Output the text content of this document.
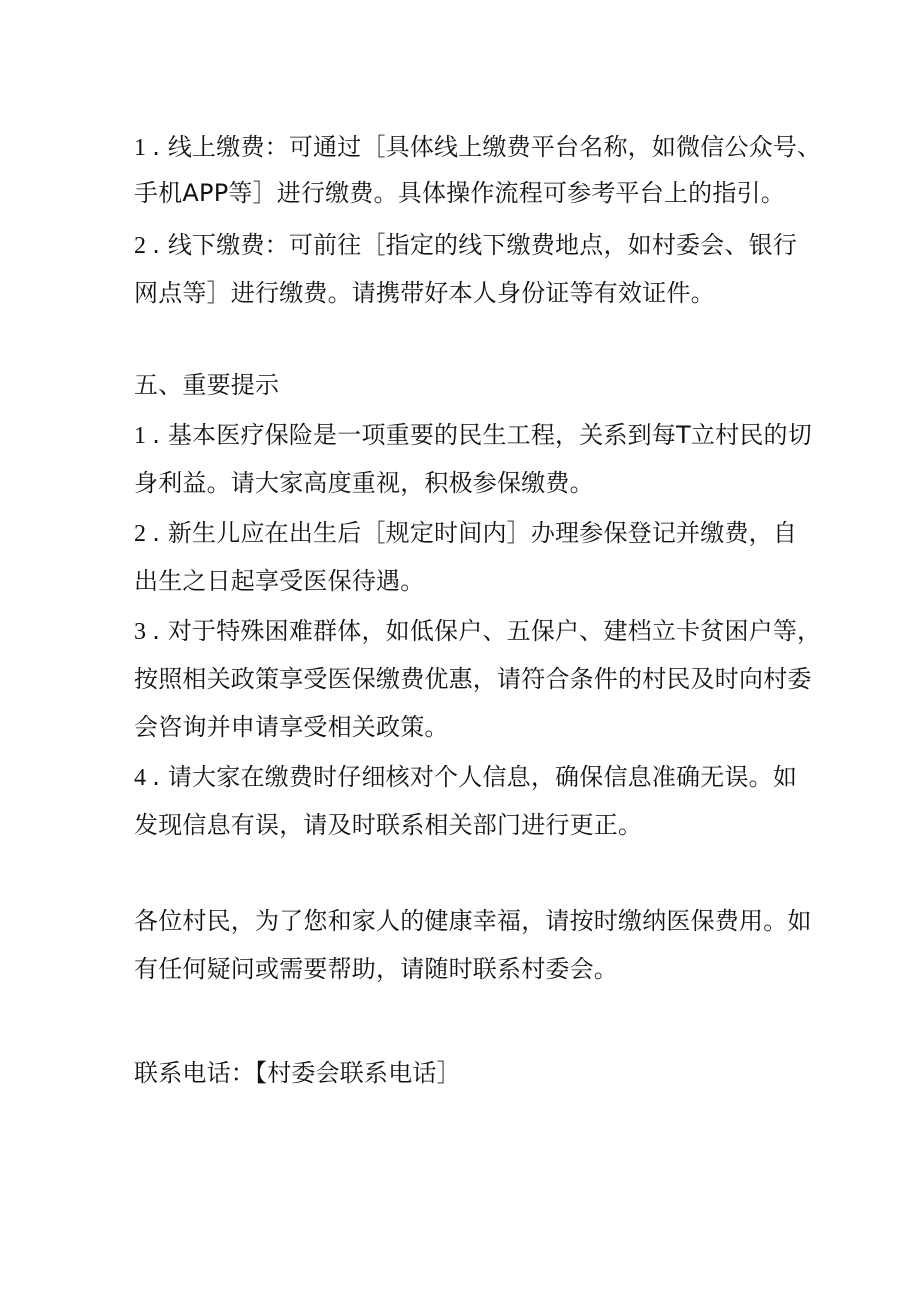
1 . 线上缴费：可通过［具体线上缴费平台名称，如微信公众号、
手机APP等］进行缴费。具体操作流程可参考平台上的指引。
2 . 线下缴费：可前往［指定的线下缴费地点，如村委会、银行
网点等］进行缴费。请携带好本人身份证等有效证件。
五、重要提示
1 . 基本医疗保险是一项重要的民生工程，关系到每T立村民的切
身利益。请大家高度重视，积极参保缴费。
2 . 新生儿应在出生后［规定时间内］办理参保登记并缴费，自
出生之日起享受医保待遇。
3 . 对于特殊困难群体，如低保户、五保户、建档立卡贫困户等，
按照相关政策享受医保缴费优惠，请符合条件的村民及时向村委
会咨询并申请享受相关政策。
4 . 请大家在缴费时仔细核对个人信息，确保信息准确无误。如
发现信息有误，请及时联系相关部门进行更正。
各位村民，为了您和家人的健康幸福，请按时缴纳医保费用。如
有任何疑问或需要帮助，请随时联系村委会。
联系电话：【村委会联系电话］
